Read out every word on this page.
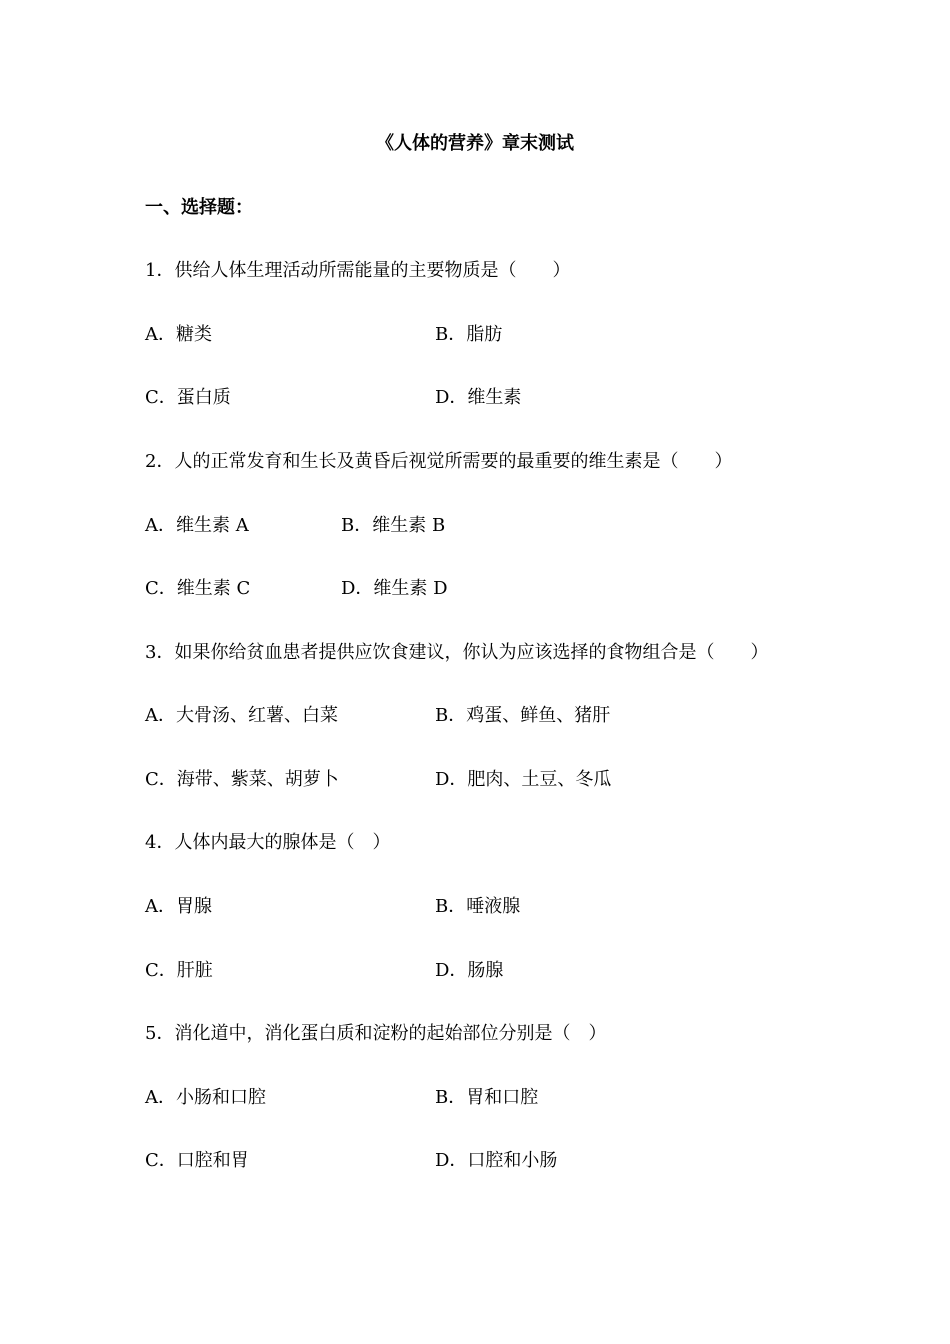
《人体的营养》章末测试
一、选择题：
1．供给人体生理活动所需能量的主要物质是（　　）
A．糖类	B．脂肪
C．蛋白质	D．维生素
2．人的正常发育和生长及黄昏后视觉所需要的最重要的维生素是（　　）
A．维生素 A	B．维生素 B
C．维生素 C	D．维生素 D
3．如果你给贫血患者提供应饮食建议，你认为应该选择的食物组合是（　　）
A．大骨汤、红薯、白菜	B．鸡蛋、鲜鱼、猪肝
C．海带、紫菜、胡萝卜	D．肥肉、土豆、冬瓜
4．人体内最大的腺体是（　）
A．胃腺	B．唾液腺
C．肝脏	D．肠腺
5．消化道中，消化蛋白质和淀粉的起始部位分别是（　）
A．小肠和口腔	B．胃和口腔
C．口腔和胃	D．口腔和小肠
